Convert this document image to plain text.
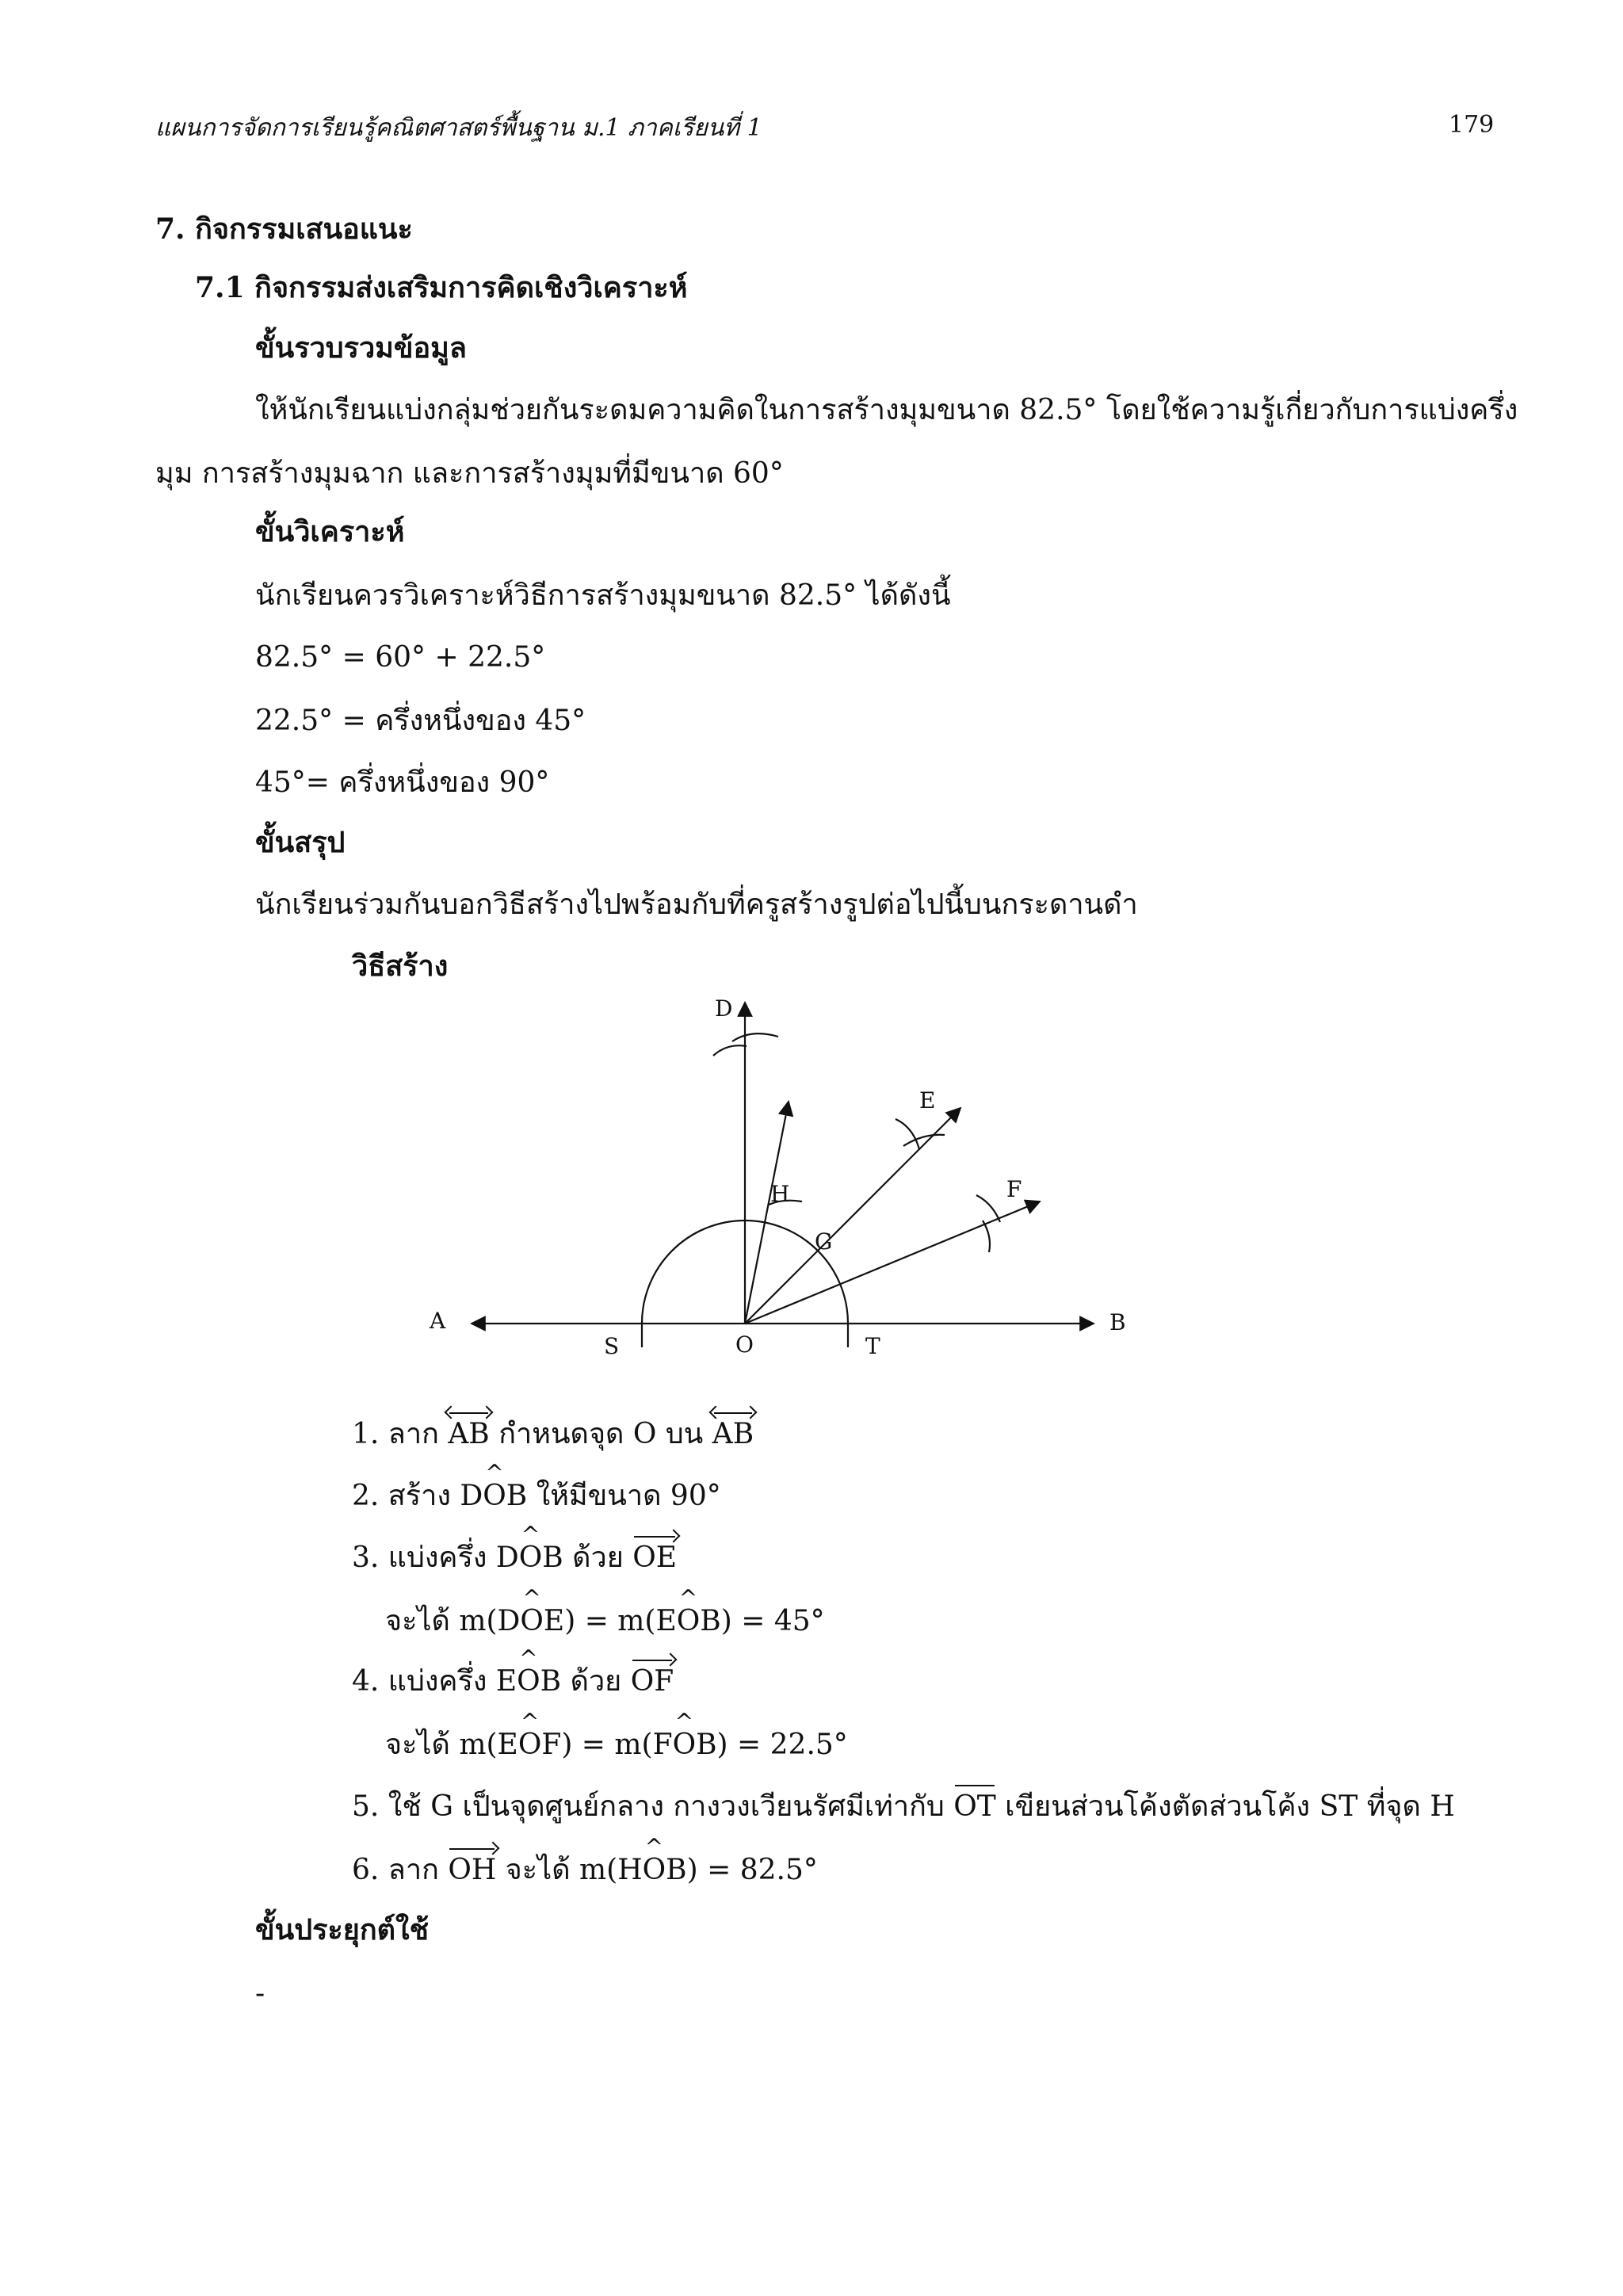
แผนการจัดการเรียนรู้คณิตศาสตร์พื้นฐาน ม.1 ภาคเรียนที่ 1	179
7. กิจกรรมเสนอแนะ
7.1 กิจกรรมส่งเสริมการคิดเชิงวิเคราะห์
ขั้นรวบรวมข้อมูล
ให้นักเรียนแบ่งกลุ่มช่วยกันระดมความคิดในการสร้างมุมขนาด 82.5° โดยใช้ความรู้เกี่ยวกับการแบ่งครึ่ง
มุม การสร้างมุมฉาก และการสร้างมุมที่มีขนาด 60°
ขั้นวิเคราะห์
นักเรียนควรวิเคราะห์วิธีการสร้างมุมขนาด 82.5° ได้ดังนี้
82.5° = 60° + 22.5°
22.5° = ครึ่งหนึ่งของ 45°
45°= ครึ่งหนึ่งของ 90°
ขั้นสรุป
นักเรียนร่วมกันบอกวิธีสร้างไปพร้อมกับที่ครูสร้างรูปต่อไปนี้บนกระดานดำ
วิธีสร้าง
D
E
F
H
G
A	B
S	O	T
1. ลาก AB กำหนดจุด O บน AB
2. สร้าง D^ OB ให้มีขนาด 90°
3. แบ่งครึ่ง D^ OB ด้วย OE
จะได้ m(D^ OE) = m(E^ OB) = 45°
4. แบ่งครึ่ง E^ OB ด้วย OF
จะได้ m(E^ OF) = m(F^ OB) = 22.5°
5. ใช้ G เป็นจุดศูนย์กลาง กางวงเวียนรัศมีเท่ากับ OT เขียนส่วนโค้งตัดส่วนโค้ง ST ที่จุด H
6. ลาก OH จะได้ m(H^ OB) = 82.5°
ขั้นประยุกต์ใช้
-
